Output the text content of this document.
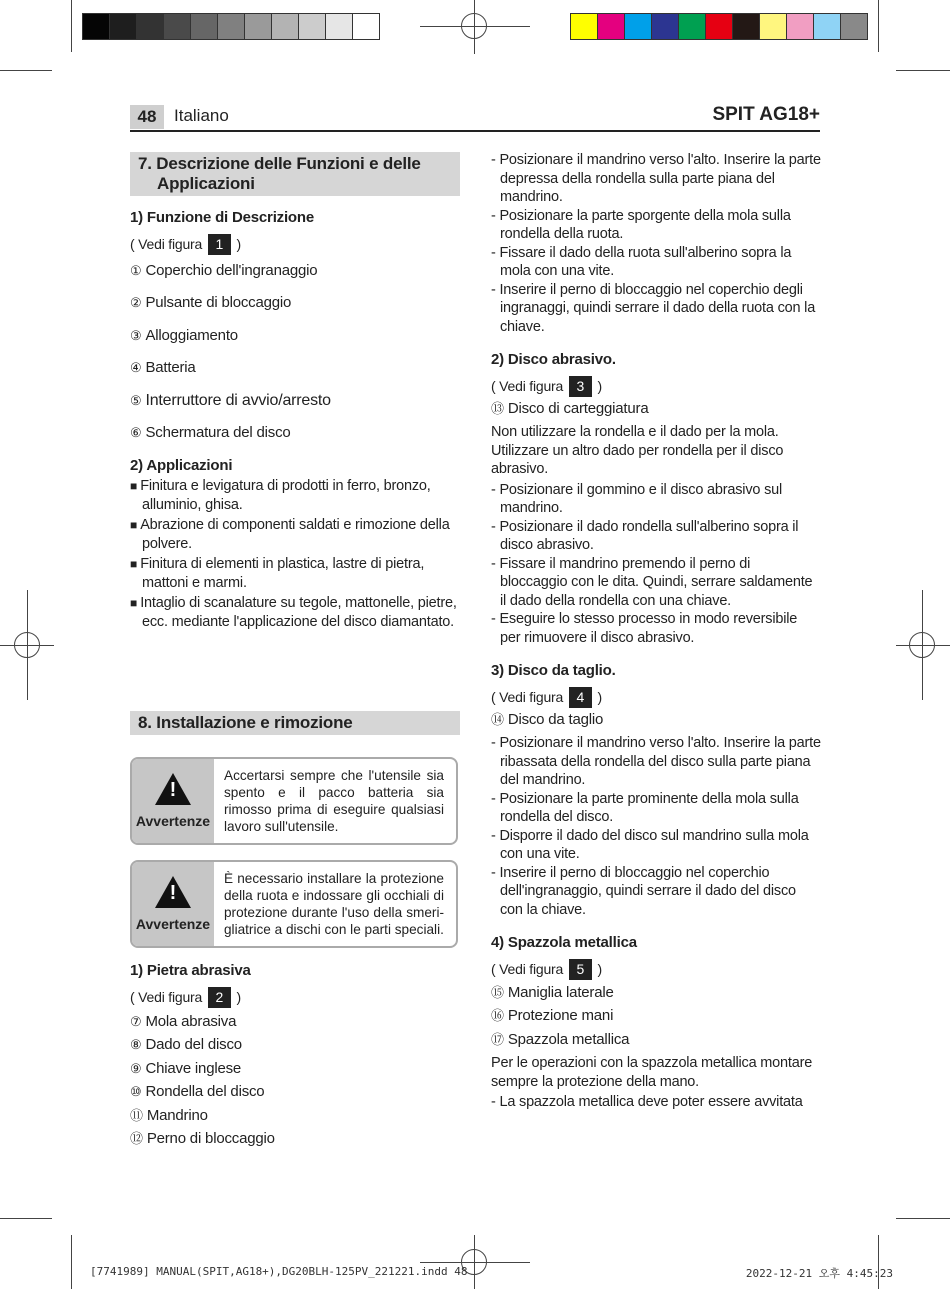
48	Italiano	SPIT AG18+
7. Descrizione delle Funzioni e delle Applicazioni

1) Funzione di Descrizione

( Vedi figura 1 )

① Coperchio dell'ingranaggio

② Pulsante di bloccaggio

③ Alloggiamento

④ Batteria

⑤ Interruttore di avvio/arresto

⑥ Schermatura del disco

2) Applicazioni

■ Finitura e levigatura di prodotti in ferro, bronzo, alluminio, ghisa.

■ Abrazione di componenti saldati e rimozione della polvere.

■ Finitura di elementi in plastica, lastre di pietra, mattoni e marmi.

■ Intaglio di scanalature su tegole, mattonelle, pietre, ecc. mediante l'applicazione del disco diamantato.

8. Installazione e rimozione
!
Avvertenze
Accertarsi sempre che l'utensile sia spento e il pacco batteria sia rimosso prima di eseguire qualsiasi lavoro sull'utensile.
!
Avvertenze
È necessario installare la protezione della ruota e indossare gli occhiali di protezione durante l'uso della smeri-gliatrice a dischi con le parti speciali.

1) Pietra abrasiva

( Vedi figura 2 )

⑦ Mola abrasiva

⑧ Dado del disco

⑨ Chiave inglese

⑩ Rondella del disco

⑪ Mandrino

⑫ Perno di bloccaggio

- Posizionare il mandrino verso l'alto. Inserire la parte depressa della rondella sulla parte piana del mandrino.

- Posizionare la parte sporgente della mola sulla rondella della ruota.

- Fissare il dado della ruota sull'alberino sopra la mola con una vite.

- Inserire il perno di bloccaggio nel coperchio degli ingranaggi, quindi serrare il dado della ruota con la chiave.

2) Disco abrasivo.

( Vedi figura 3 )

⑬ Disco di carteggiatura

Non utilizzare la rondella e il dado per la mola. Utilizzare un altro dado per rondella per il disco abrasivo.

- Posizionare il gommino e il disco abrasivo sul mandrino.

- Posizionare il dado rondella sull'alberino sopra il disco abrasivo.

- Fissare il mandrino premendo il perno di bloccaggio con le dita. Quindi, serrare saldamente il dado della rondella con una chiave.

- Eseguire lo stesso processo in modo reversibile per rimuovere il disco abrasivo.

3) Disco da taglio.

( Vedi figura 4 )

⑭ Disco da taglio

- Posizionare il mandrino verso l'alto. Inserire la parte ribassata della rondella del disco sulla parte piana del mandrino.

- Posizionare la parte prominente della mola sulla rondella del disco.

- Disporre il dado del disco sul mandrino sulla mola con una vite.

- Inserire il perno di bloccaggio nel coperchio dell'ingranaggio, quindi serrare il dado del disco con la chiave.

4) Spazzola metallica

( Vedi figura 5 )

⑮ Maniglia laterale

⑯ Protezione mani

⑰ Spazzola metallica

Per le operazioni con la spazzola metallica montare sempre la protezione della mano.

- La spazzola metallica deve poter essere avvitata

[7741989] MANUAL(SPIT,AG18+),DG20BLH-125PV_221221.indd 48	2022-12-21 오후 4:45:23
